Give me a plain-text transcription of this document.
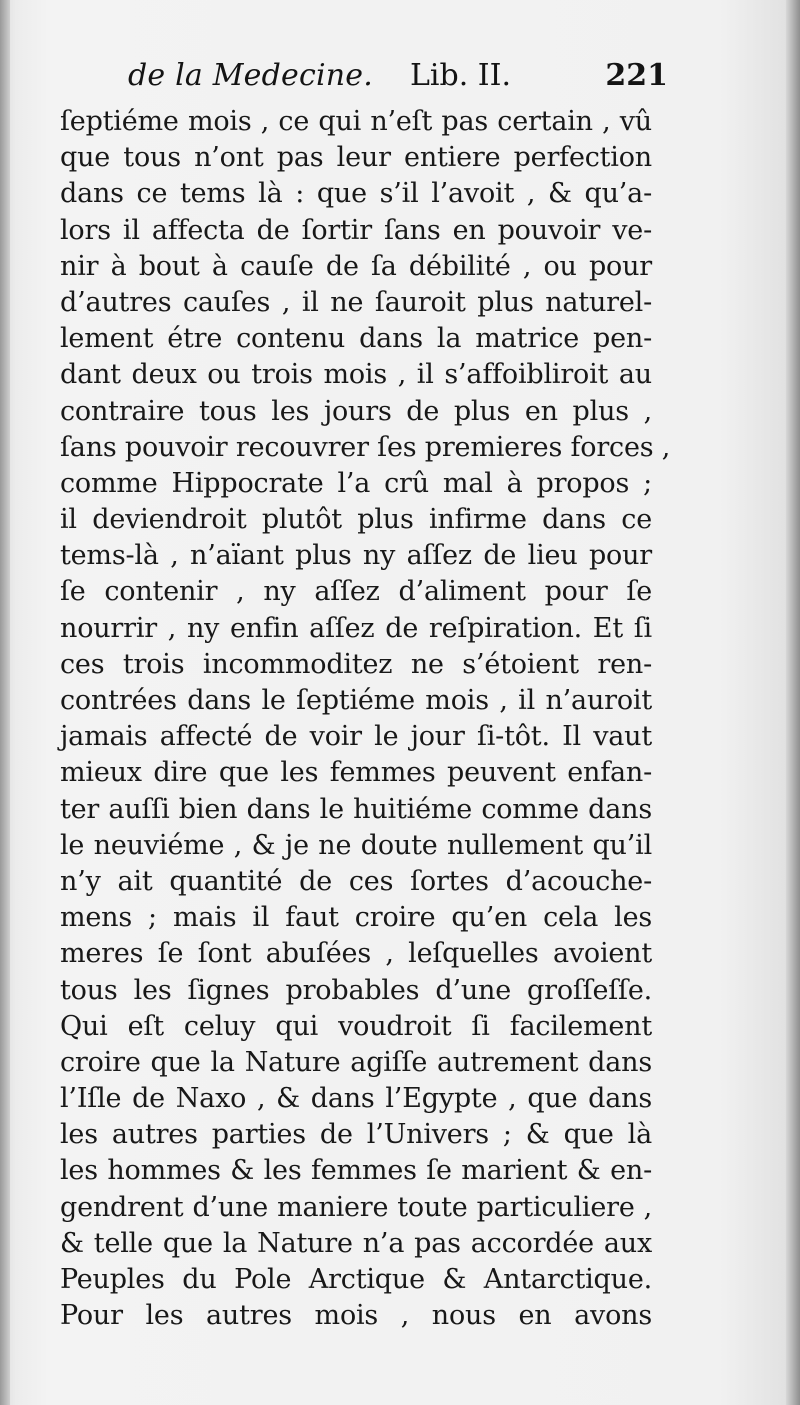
de la Medecine. Lib. II.	221
ſeptiéme mois , ce qui n’eſt pas certain , vû
que tous n’ont pas leur entiere perfection
dans ce tems là : que s’il l’avoit , & qu’a-
lors il affecta de ſortir ſans en pouvoir ve-
nir à bout à cauſe de ſa débilité , ou pour
d’autres cauſes , il ne ſauroit plus naturel-
lement étre contenu dans la matrice pen-
dant deux ou trois mois , il s’affoibliroit au
contraire tous les jours de plus en plus ,
ſans pouvoir recouvrer ſes premieres forces ,
comme Hippocrate l’a crû mal à propos ;
il deviendroit plutôt plus infirme dans ce
tems-là , n’aïant plus ny aſſez de lieu pour
ſe contenir , ny aſſez d’aliment pour ſe
nourrir , ny enfin aſſez de reſpiration. Et ſi
ces trois incommoditez ne s’étoient ren-
contrées dans le ſeptiéme mois , il n’auroit
jamais affecté de voir le jour ſi-tôt. Il vaut
mieux dire que les femmes peuvent enfan-
ter auſſi bien dans le huitiéme comme dans
le neuviéme , & je ne doute nullement qu’il
n’y ait quantité de ces ſortes d’acouche-
mens ; mais il faut croire qu’en cela les
meres ſe ſont abuſées , leſquelles avoient
tous les ſignes probables d’une groſſeſſe.
Qui eſt celuy qui voudroit ſi facilement
croire que la Nature agiſſe autrement dans
l’Iſle de Naxo , & dans l’Egypte , que dans
les autres parties de l’Univers ; & que là
les hommes & les femmes ſe marient & en-
gendrent d’une maniere toute particuliere ,
& telle que la Nature n’a pas accordée aux
Peuples du Pole Arctique & Antarctique.
Pour les autres mois , nous en avons
